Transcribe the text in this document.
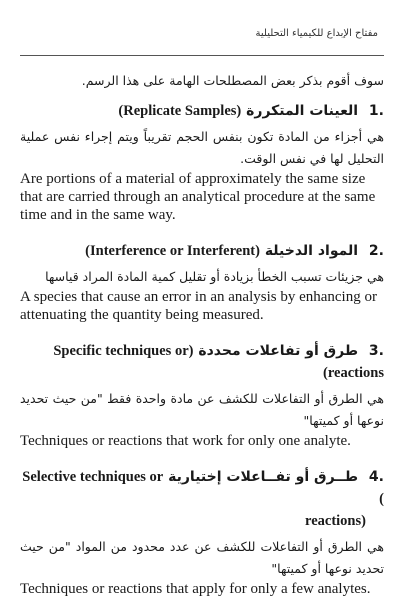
مفتاح الإبداع للكيمياء التحليلية

سوف أقوم بذكر بعض المصطلحات الهامة على هذا الرسم.

.1 العينات المتكررة (Replicate Samples)

هي أجزاء من المادة تكون بنفس الحجم تقريباً ويتم إجراء نفس عملية التحليل لها في نفس الوقت.

Are portions of a material of approximately the same size that are carried through an analytical procedure at the same time and in the same way.

.2 المواد الدخيلة (Interference or Interferent)

هي جزيئات تسبب الخطأ بزيادة أو تقليل كمية المادة المراد قياسها

A species that cause an error in an analysis by enhancing or attenuating the quantity being measured.

.3 طرق أو تفاعلات محددة (Specific techniques or reactions)

هي الطرق أو التفاعلات للكشف عن مادة واحدة فقط "من حيث تحديد نوعها أو كميتها"

Techniques or reactions that work for only one analyte.

.4 طــرق أو تفــاعلات إختيارية Selective techniques or (
(reactions

هي الطرق أو التفاعلات للكشف عن عدد محدود من المواد "من حيث تحديد نوعها أو كميتها"

Techniques or reactions that apply for only a few analytes.
